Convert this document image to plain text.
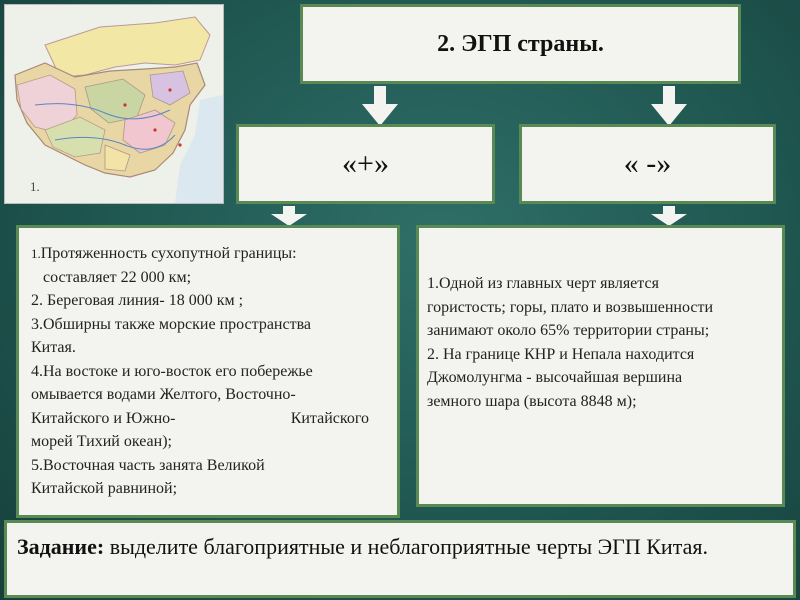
1.
2. ЭГП страны.
«+»	« -»
1.Протяженность сухопутной границы:
составляет 22 000 км;
2. Береговая линия- 18 000 км ;
3.Обширны также морские пространства
Китая.
4.На востоке и юго-восток его побережье
омывается водами Желтого, Восточно-
Китайского и Южно-	Китайского
морей Тихий океан);
5.Восточная часть занята Великой
Китайской равниной;
1.Одной из главных черт является
гористость; горы, плато и возвышенности
занимают около 65% территории страны;
2. На границе КНР и Непала находится
Джомолунгма - высочайшая вершина
земного шара (высота 8848 м);
Задание: выделите благоприятные и неблагоприятные черты ЭГП Китая.
